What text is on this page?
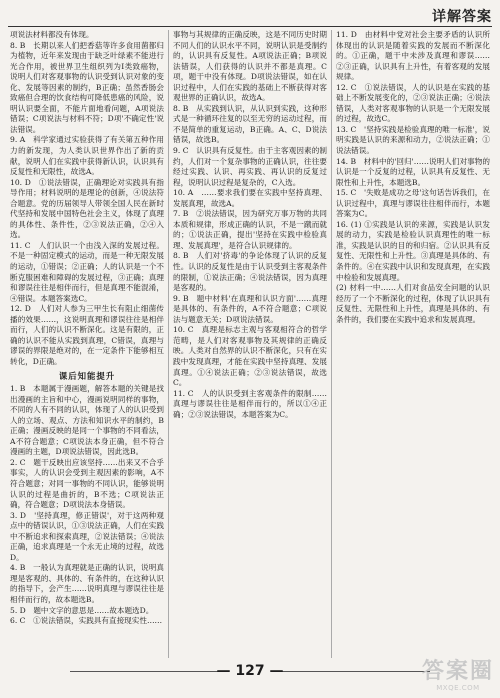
详解答案

项说法材料都没有体现。

8. B　长期以来人们把香菇等许多食用菌都归为植物，近年来发现由于缺乏叶绿素不能进行光合作用，被世界卫生组织列为Ⅰ类致癌物，说明人们对客观事物的认识受到认识对象的变化、发展等因素的制约，B正确；虽然香肠会致癌但合理的饮食结构可降低患癌的风险，说明认识要全面，不能片面地看问题，A项说法错误；C项说法与材料不符；D项'不确定性'说法错误。

9. A　科学家通过实验获得了有关第五种作用力的新发现，为人类认识世界作出了新的贡献，说明人们在实践中获得新认识，认识具有反复性和无限性，故选A。

10. D　①说法错误，正确理论对实践具有指导作用；材料说明的是理论的创新，④说法符合题意。党的历届领导人带领全国人民在新时代坚持和发展中国特色社会主义，体现了真理的具体性、条件性，②③说法正确，②④入选。

11. C　人们认识一个由浅入深的发展过程。不是一种固定模式的运动，而是一种无限发展的运动，①错误；②正确；人的认识是一个不断克服困难和障碍的发展过程，③正确；真理和谬误往往是相伴而行，但是真理不能混淆，④错误。本题答案选C。

12. D　人们对人参为三甲生长有阻止细菌传播的效果……，这说明真理和谬误往往是相伴而行，人们的认识不断深化。这是有限的，正确的认识不能从实践到真理，C错误，真理与谬误的界限是绝对的，在一定条件下能够相互转化，D正确。

课后知能提升

1. B　本题属于漫画题，解答本题的关键是找出漫画的主旨和中心，漫画说明同样的事物，不同的人有不同的认识，体现了人的认识受到人的立场、观点、方法和知识水平的制约，B正确；漫画反映的是同一个事物的不同看法，A不符合题意；C项说法本身正确，但不符合漫画的主题，D项说法错误，因此选B。

2. C　题干反映出应该坚持……出来又不合乎事实，人的认识会受到主观因素的影响，A不符合题意；对同一事物的不同认识，能够说明认识的过程是曲折的，B不选；C项说法正确，符合题意；D项说法本身错误。

3. D　'坚持真理，修正错误'，对于这两种观点中的错误认识，①③说法正确，人们在实践中不断追求和探索真理，②说法错误；④说法正确，追求真理是一个永无止境的过程，故选D。

4. B　一般认为真理就是正确的认识，说明真理是客观的、具体的、有条件的，在这种认识的指导下，会产生……说明真理与谬误往往是相伴而行的，故本题选B。

5. D　题中文字的意思是……故本题选D。

6. C　①说法错误，实践具有直接现实性……

事物与其规律的正确反映，这是不同历史时期不同人们的认识水平不同，说明认识是受制约的，认识具有反复性。A项说法正确；B项说法错误，人们获得的认识并不都是真理。C项，题干中没有体现。D项说法错误，如在认识过程中，人们在实践的基础上不断获得对客观世界的正确认识，故选A。

8. B　从实践到认识，从认识到实践，这种形式是一种循环往复的以至无穷的运动过程，而不是简单的重复运动，B正确。A、C、D说法错误，故选B。

9. C　认识具有反复性。由于主客观因素的制约，人们对一个复杂事物的正确认识，往往要经过实践、认识、再实践、再认识的反复过程，说明认识过程是复杂的，C入选。

10. A　……要求我们要在实践中坚持真理、发展真理，故选A。

7. B　②说法错误，因为研究万事万物的共同本质和规律，形成正确的认识，不是一蹴而就的；①说法正确，提出'坚持在实践中检验真理、发展真理'，是符合认识规律的。

8. B　人们对'挤毒'的争论体现了认识的反复性。认识的反复性是由于认识受到主客观条件的限制，①说法正确；④说法错误，因为真理是客观的。

9. B　题中材料'在真理和认识方面'……真理是具体的、有条件的，A不符合题意；C项说法与题意无关；D项说法错误。

10. C　真理是标志主观与客观相符合的哲学范畴，是人们对客观事物及其规律的正确反映。人类对自然界的认识不断深化，只有在实践中发现真理，才能在实践中坚持真理、发展真理。①④说法正确；②③说法错误，故选C。

11. C　人的认识受到主客观条件的限制……真理与谬误往往是相伴而行的，所以①④正确；②③说法错误，本题答案为C。

11. D　由材料中党对社会主要矛盾的认识所体现出的认识是随着实践的发展而不断深化的。①正确，题干中未涉及真理和谬误……②③正确，认识具有上升性，有着客观的发展规律。

12. C　①说法错误，人的认识是在实践的基础上不断发展变化的，②③说法正确；④说法错误，人类对客观事物的认识是一个无限发展的过程，故选C。

13. C　'坚持实践是检验真理的唯一标准'，说明实践是认识的来源和动力，②说法正确；①说法错误。

14. B　材料中的'回归'……说明人们对事物的认识是一个反复的过程，认识具有反复性、无限性和上升性，本题选B。

15. C　'失败是成功之母'这句话告诉我们，在认识过程中，真理与谬误往往相伴而行，本题答案为C。

16. (1) ①实践是认识的来源，实践是认识发展的动力，实践是检验认识真理性的唯一标准，实践是认识的目的和归宿。②认识具有反复性、无限性和上升性。③真理是具体的、有条件的。④在实践中认识和发现真理，在实践中检验和发展真理。

(2) 材料一中……人们对食品安全问题的认识经历了一个不断深化的过程，体现了认识具有反复性、无限性和上升性，真理是具体的、有条件的，我们要在实践中追求和发展真理。

— 127 —	答案圈
MXQE.COM
